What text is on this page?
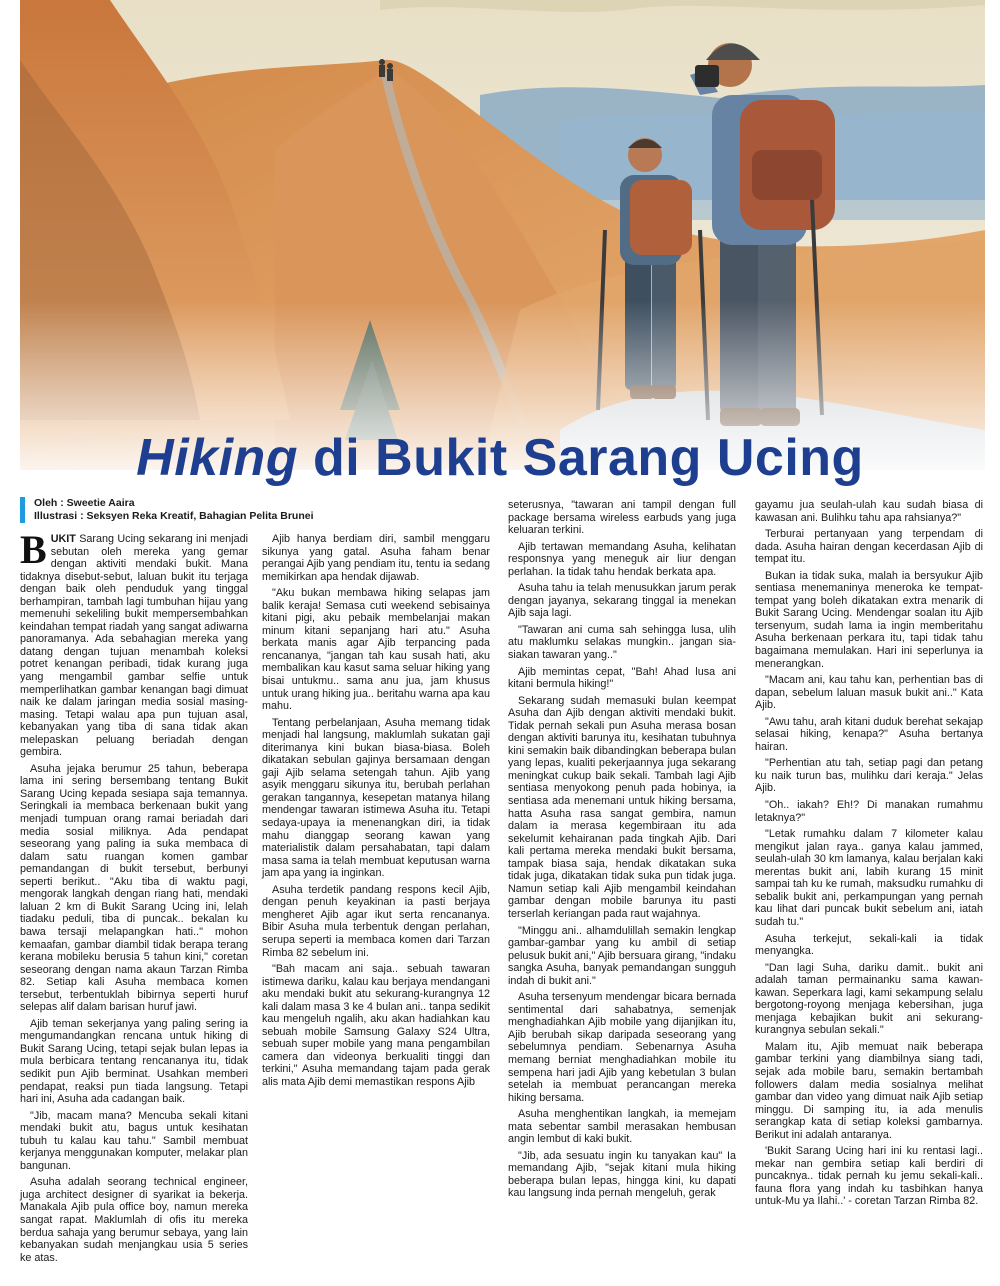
Hiking di Bukit Sarang Ucing
Oleh : Sweetie Aaira
Illustrasi : Seksyen Reka Kreatif, Bahagian Pelita Brunei

BUKIT Sarang Ucing sekarang ini menjadi sebutan oleh mereka yang gemar dengan aktiviti mendaki bukit. Mana tidaknya disebut-sebut, laluan bukit itu terjaga dengan baik oleh penduduk yang tinggal berhampiran, tambah lagi tumbuhan hijau yang memenuhi sekeliling bukit mempersembahkan keindahan tempat riadah yang sangat adiwarna panoramanya. Ada sebahagian mereka yang datang dengan tujuan menambah koleksi potret kenangan peribadi, tidak kurang juga yang mengambil gambar selfie untuk memperlihatkan gambar kenangan bagi dimuat naik ke dalam jaringan media sosial masing-masing. Tetapi walau apa pun tujuan asal, kebanyakan yang tiba di sana tidak akan melepaskan peluang beriadah dengan gembira.

Asuha jejaka berumur 25 tahun, beberapa lama ini sering bersembang tentang Bukit Sarang Ucing kepada sesiapa saja temannya. Seringkali ia membaca berkenaan bukit yang menjadi tumpuan orang ramai beriadah dari media sosial miliknya. Ada pendapat seseorang yang paling ia suka membaca di dalam satu ruangan komen gambar pemandangan di bukit tersebut, berbunyi seperti berikut.. "Aku tiba di waktu pagi, mengorak langkah dengan riang hati, mendaki laluan 2 km di Bukit Sarang Ucing ini, lelah tiadaku peduli, tiba di puncak.. bekalan ku bawa tersaji melapangkan hati.." mohon kemaafan, gambar diambil tidak berapa terang kerana mobileku berusia 5 tahun kini," coretan seseorang dengan nama akaun Tarzan Rimba 82. Setiap kali Asuha membaca komen tersebut, terbentuklah bibirnya seperti huruf selepas alif dalam barisan huruf jawi.

Ajib teman sekerjanya yang paling sering ia mengumandangkan rencana untuk hiking di Bukit Sarang Ucing, tetapi sejak bulan lepas ia mula berbicara tentang rencananya itu, tidak sedikit pun Ajib berminat. Usahkan memberi pendapat, reaksi pun tiada langsung. Tetapi hari ini, Asuha ada cadangan baik.

"Jib, macam mana? Mencuba sekali kitani mendaki bukit atu, bagus untuk kesihatan tubuh tu kalau kau tahu." Sambil membuat kerjanya menggunakan komputer, melakar plan bangunan.

Asuha adalah seorang technical engineer, juga architect designer di syarikat ia bekerja. Manakala Ajib pula office boy, namun mereka sangat rapat. Maklumlah di ofis itu mereka berdua sahaja yang berumur sebaya, yang lain kebanyakan sudah menjangkau usia 5 series ke atas.

Ajib hanya berdiam diri, sambil menggaru sikunya yang gatal. Asuha faham benar perangai Ajib yang pendiam itu, tentu ia sedang memikirkan apa hendak dijawab.

"Aku bukan membawa hiking selapas jam balik keraja! Semasa cuti weekend sebisainya kitani pigi, aku pebaik membelanjai makan minum kitani sepanjang hari atu." Asuha berkata manis agar Ajib terpancing pada rencananya, "jangan tah kau susah hati, aku membalikan kau kasut sama seluar hiking yang bisai untukmu.. sama anu jua, jam khusus untuk urang hiking jua.. beritahu warna apa kau mahu.

Tentang perbelanjaan, Asuha memang tidak menjadi hal langsung, maklumlah sukatan gaji diterimanya kini bukan biasa-biasa. Boleh dikatakan sebulan gajinya bersamaan dengan gaji Ajib selama setengah tahun. Ajib yang asyik menggaru sikunya itu, berubah perlahan gerakan tangannya, kesepetan matanya hilang mendengar tawaran istimewa Asuha itu. Tetapi sedaya-upaya ia menenangkan diri, ia tidak mahu dianggap seorang kawan yang materialistik dalam persahabatan, tapi dalam masa sama ia telah membuat keputusan warna jam apa yang ia inginkan.

Asuha terdetik pandang respons kecil Ajib, dengan penuh keyakinan ia pasti berjaya mengheret Ajib agar ikut serta rencananya. Bibir Asuha mula terbentuk dengan perlahan, serupa seperti ia membaca komen dari Tarzan Rimba 82 sebelum ini.

"Bah macam ani saja.. sebuah tawaran istimewa dariku, kalau kau berjaya mendangani aku mendaki bukit atu sekurang-kurangnya 12 kali dalam masa 3 ke 4 bulan ani.. tanpa sedikit kau mengeluh ngalih, aku akan hadiahkan kau sebuah mobile Samsung Galaxy S24 Ultra, sebuah super mobile yang mana pengambilan camera dan videonya berkualiti tinggi dan terkini," Asuha memandang tajam pada gerak alis mata Ajib demi memastikan respons Ajib

seterusnya, "tawaran ani tampil dengan full package bersama wireless earbuds yang juga keluaran terkini.

Ajib tertawan memandang Asuha, kelihatan responsnya yang meneguk air liur dengan perlahan. Ia tidak tahu hendak berkata apa.

Asuha tahu ia telah menusukkan jarum perak dengan jayanya, sekarang tinggal ia menekan Ajib saja lagi.

"Tawaran ani cuma sah sehingga lusa, ulih atu maklumku selakas mungkin.. jangan sia-siakan tawaran yang.."

Ajib memintas cepat, "Bah! Ahad lusa ani kitani bermula hiking!"

Sekarang sudah memasuki bulan keempat Asuha dan Ajib dengan aktiviti mendaki bukit. Tidak pernah sekali pun Asuha merasa bosan dengan aktiviti barunya itu, kesihatan tubuhnya kini semakin baik dibandingkan beberapa bulan yang lepas, kualiti pekerjaannya juga sekarang meningkat cukup baik sekali. Tambah lagi Ajib sentiasa menyokong penuh pada hobinya, ia sentiasa ada menemani untuk hiking bersama, hatta Asuha rasa sangat gembira, namun dalam ia merasa kegembiraan itu ada sekelumit kehairanan pada tingkah Ajib. Dari kali pertama mereka mendaki bukit bersama, tampak biasa saja, hendak dikatakan suka tidak juga, dikatakan tidak suka pun tidak juga. Namun setiap kali Ajib mengambil keindahan gambar dengan mobile barunya itu pasti terserlah keriangan pada raut wajahnya.

"Minggu ani.. alhamdulillah semakin lengkap gambar-gambar yang ku ambil di setiap pelusuk bukit ani," Ajib bersuara girang, "indaku sangka Asuha, banyak pemandangan sungguh indah di bukit ani."

Asuha tersenyum mendengar bicara bernada sentimental dari sahabatnya, semenjak menghadiahkan Ajib mobile yang dijanjikan itu, Ajib berubah sikap daripada seseorang yang sebelumnya pendiam. Sebenarnya Asuha memang berniat menghadiahkan mobile itu sempena hari jadi Ajib yang kebetulan 3 bulan setelah ia membuat perancangan mereka hiking bersama.

Asuha menghentikan langkah, ia memejam mata sebentar sambil merasakan hembusan angin lembut di kaki bukit.

"Jib, ada sesuatu ingin ku tanyakan kau" Ia memandang Ajib, "sejak kitani mula hiking beberapa bulan lepas, hingga kini, ku dapati kau langsung inda pernah mengeluh, gerak

gayamu jua seulah-ulah kau sudah biasa di kawasan ani. Bulihku tahu apa rahsianya?"

Terburai pertanyaan yang terpendam di dada. Asuha hairan dengan kecerdasan Ajib di tempat itu.

Bukan ia tidak suka, malah ia bersyukur Ajib sentiasa menemaninya meneroka ke tempat-tempat yang boleh dikatakan extra menarik di Bukit Sarang Ucing. Mendengar soalan itu Ajib tersenyum, sudah lama ia ingin memberitahu Asuha berkenaan perkara itu, tapi tidak tahu bagaimana memulakan. Hari ini seperlunya ia menerangkan.

"Macam ani, kau tahu kan, perhentian bas di dapan, sebelum laluan masuk bukit ani.." Kata Ajib.

"Awu tahu, arah kitani duduk berehat sekajap selasai hiking, kenapa?" Asuha bertanya hairan.

"Perhentian atu tah, setiap pagi dan petang ku naik turun bas, mulihku dari keraja." Jelas Ajib.

"Oh.. iakah? Eh!? Di manakan rumahmu letaknya?"

"Letak rumahku dalam 7 kilometer kalau mengikut jalan raya.. ganya kalau jammed, seulah-ulah 30 km lamanya, kalau berjalan kaki merentas bukit ani, labih kurang 15 minit sampai tah ku ke rumah, maksudku rumahku di sebalik bukit ani, perkampungan yang pernah kau lihat dari puncak bukit sebelum ani, iatah sudah tu."

Asuha terkejut, sekali-kali ia tidak menyangka.

"Dan lagi Suha, dariku damit.. bukit ani adalah taman permainanku sama kawan-kawan. Seperkara lagi, kami sekampung selalu bergotong-royong menjaga kebersihan, juga menjaga kebajikan bukit ani sekurang-kurangnya sebulan sekali."

Malam itu, Ajib memuat naik beberapa gambar terkini yang diambilnya siang tadi, sejak ada mobile baru, semakin bertambah followers dalam media sosialnya melihat gambar dan video yang dimuat naik Ajib setiap minggu. Di samping itu, ia ada menulis serangkap kata di setiap koleksi gambarnya. Berikut ini adalah antaranya.

'Bukit Sarang Ucing hari ini ku rentasi lagi.. mekar nan gembira setiap kali berdiri di puncaknya.. tidak pernah ku jemu sekali-kali.. fauna flora yang indah ku tasbihkan hanya untuk-Mu ya Ilahi..' - coretan Tarzan Rimba 82.
